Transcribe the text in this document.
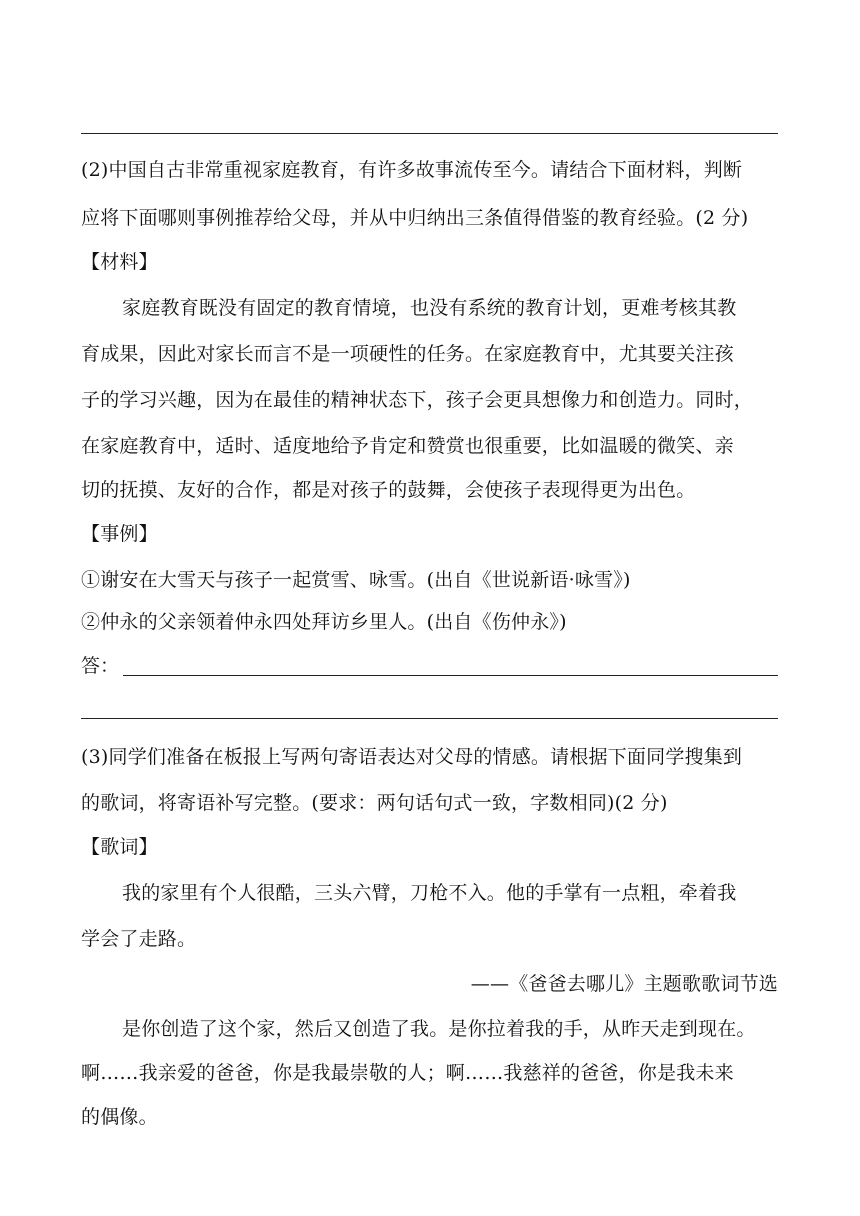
(2)中国自古非常重视家庭教育，有许多故事流传至今。请结合下面材料，判断
应将下面哪则事例推荐给父母，并从中归纳出三条值得借鉴的教育经验。(2 分)
【材料】
家庭教育既没有固定的教育情境，也没有系统的教育计划，更难考核其教
育成果，因此对家长而言不是一项硬性的任务。在家庭教育中，尤其要关注孩
子的学习兴趣，因为在最佳的精神状态下，孩子会更具想像力和创造力。同时，
在家庭教育中，适时、适度地给予肯定和赞赏也很重要，比如温暖的微笑、亲
切的抚摸、友好的合作，都是对孩子的鼓舞，会使孩子表现得更为出色。
【事例】
①谢安在大雪天与孩子一起赏雪、咏雪。(出自《世说新语·咏雪》)
②仲永的父亲领着仲永四处拜访乡里人。(出自《伤仲永》)
答：
(3)同学们准备在板报上写两句寄语表达对父母的情感。请根据下面同学搜集到
的歌词，将寄语补写完整。(要求：两句话句式一致，字数相同)(2 分)
【歌词】
我的家里有个人很酷，三头六臂，刀枪不入。他的手掌有一点粗，牵着我
学会了走路。
——《爸爸去哪儿》主题歌歌词节选
是你创造了这个家，然后又创造了我。是你拉着我的手，从昨天走到现在。
啊……我亲爱的爸爸，你是我最崇敬的人；啊……我慈祥的爸爸，你是我未来
的偶像。
